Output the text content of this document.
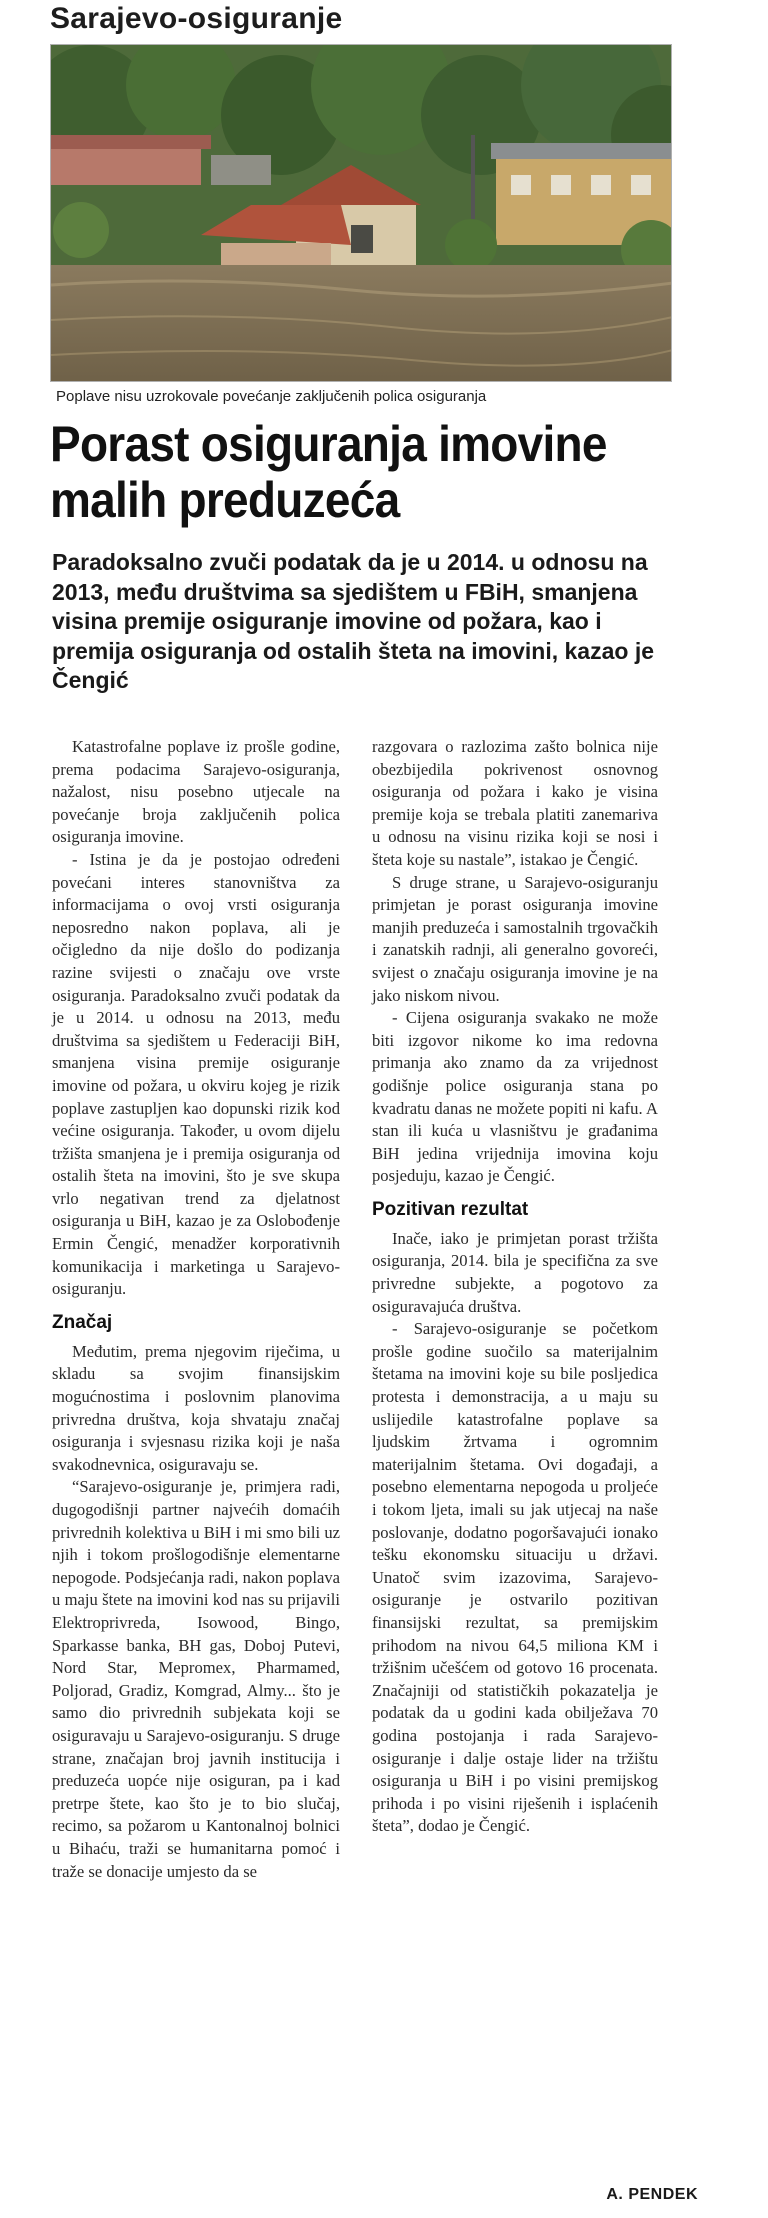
Sarajevo-osiguranje
Poplave nisu uzrokovale povećanje zaključenih polica osiguranja
Porast osiguranja imovine malih preduzeća
Paradoksalno zvuči podatak da je u 2014. u odnosu na 2013, među društvima sa sjedištem u FBiH, smanjena visina premije osiguranje imovine od požara, kao i premija osiguranja od ostalih šteta na imovini, kazao je Čengić

Katastrofalne poplave iz prošle godine, prema podacima Sarajevo-osiguranja, nažalost, nisu posebno utjecale na povećanje broja zaključenih polica osiguranja imovine.

- Istina je da je postojao određeni povećani interes stanovništva za informacijama o ovoj vrsti osiguranja neposredno nakon poplava, ali je očigledno da nije došlo do podizanja razine svijesti o značaju ove vrste osiguranja. Paradoksalno zvuči podatak da je u 2014. u odnosu na 2013, među društvima sa sjedištem u Federaciji BiH, smanjena visina premije osiguranje imovine od požara, u okviru kojeg je rizik poplave zastupljen kao dopunski rizik kod većine osiguranja. Također, u ovom dijelu tržišta smanjena je i premija osiguranja od ostalih šteta na imovini, što je sve skupa vrlo negativan trend za djelatnost osiguranja u BiH, kazao je za Oslobođenje Ermin Čengić, menadžer korporativnih komunikacija i marketinga u Sarajevo-osiguranju.

Značaj

Međutim, prema njegovim riječima, u skladu sa svojim finansijskim mogućnostima i poslovnim planovima privredna društva, koja shvataju značaj osiguranja i svjesnasu rizika koji je naša svakodnevnica, osiguravaju se.

“Sarajevo-osiguranje je, primjera radi, dugogodišnji partner najvećih domaćih privrednih kolektiva u BiH i mi smo bili uz njih i tokom prošlogodišnje elementarne nepogode. Podsjećanja radi, nakon poplava u maju štete na imovini kod nas su prijavili Elektroprivreda, Isowood, Bingo, Sparkasse banka, BH gas, Doboj Putevi, Nord Star, Mepromex, Pharmamed, Poljorad, Gradiz, Komgrad, Almy... što je samo dio privrednih subjekata koji se osiguravaju u Sarajevo-osiguranju. S druge strane, značajan broj javnih institucija i preduzeća uopće nije osiguran, pa i kad pretrpe štete, kao što je to bio slučaj, recimo, sa požarom u Kantonalnoj bolnici u Bihaću, traži se humanitarna pomoć i traže se donacije umjesto da se

razgovara o razlozima zašto bolnica nije obezbijedila pokrivenost osnovnog osiguranja od požara i kako je visina premije koja se trebala platiti zanemariva u odnosu na visinu rizika koji se nosi i šteta koje su nastale”, istakao je Čengić.

S druge strane, u Sarajevo-osiguranju primjetan je porast osiguranja imovine manjih preduzeća i samostalnih trgovačkih i zanatskih radnji, ali generalno govoreći, svijest o značaju osiguranja imovine je na jako niskom nivou.

- Cijena osiguranja svakako ne može biti izgovor nikome ko ima redovna primanja ako znamo da za vrijednost godišnje police osiguranja stana po kvadratu danas ne možete popiti ni kafu. A stan ili kuća u vlasništvu je građanima BiH jedina vrijednija imovina koju posjeduju, kazao je Čengić.

Pozitivan rezultat

Inače, iako je primjetan porast tržišta osiguranja, 2014. bila je specifična za sve privredne subjekte, a pogotovo za osiguravajuća društva.

- Sarajevo-osiguranje se početkom prošle godine suočilo sa materijalnim štetama na imovini koje su bile posljedica protesta i demonstracija, a u maju su uslijedile katastrofalne poplave sa ljudskim žrtvama i ogromnim materijalnim štetama. Ovi događaji, a posebno elementarna nepogoda u proljeće i tokom ljeta, imali su jak utjecaj na naše poslovanje, dodatno pogoršavajući ionako tešku ekonomsku situaciju u državi. Unatoč svim izazovima, Sarajevo-osiguranje je ostvarilo pozitivan finansijski rezultat, sa premijskim prihodom na nivou 64,5 miliona KM i tržišnim učešćem od gotovo 16 procenata. Značajniji od statističkih pokazatelja je podatak da u godini kada obilježava 70 godina postojanja i rada Sarajevo-osiguranje i dalje ostaje lider na tržištu osiguranja u BiH i po visini premijskog prihoda i po visini riješenih i isplaćenih šteta”, dodao je Čengić.

A. PENDEK
